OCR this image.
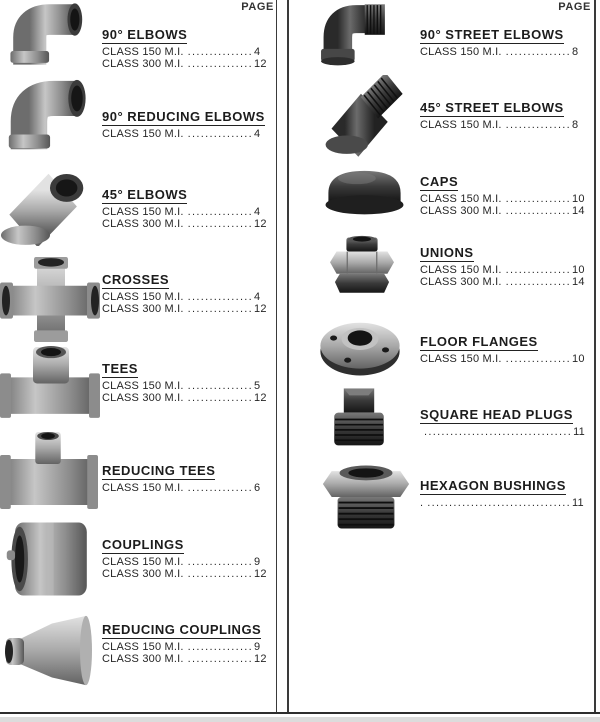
PAGE
90° ELBOWS
CLASS 150 M.I. ...............4
CLASS 300 M.I. ...............12
90° REDUCING ELBOWS
CLASS 150 M.I. ...............4
45° ELBOWS
CLASS 150 M.I. ...............4
CLASS 300 M.I. ...............12
CROSSES
CLASS 150 M.I. ...............4
CLASS 300 M.I. ...............12
TEES
CLASS 150 M.I. ...............5
CLASS 300 M.I. ...............12
REDUCING TEES
CLASS 150 M.I. ...............6
COUPLINGS
CLASS 150 M.I. ...............9
CLASS 300 M.I. ...............12
REDUCING COUPLINGS
CLASS 150 M.I. ...............9
CLASS 300 M.I. ...............12
PAGE
90° STREET ELBOWS
CLASS 150 M.I. ...............8
45° STREET ELBOWS
CLASS 150 M.I. ...............8
CAPS
CLASS 150 M.I. ...............10
CLASS 300 M.I. ...............14
UNIONS
CLASS 150 M.I. ...............10
CLASS 300 M.I. ...............14
FLOOR FLANGES
CLASS 150 M.I. ...............10
SQUARE HEAD PLUGS
..................................11
HEXAGON BUSHINGS
. .................................11
